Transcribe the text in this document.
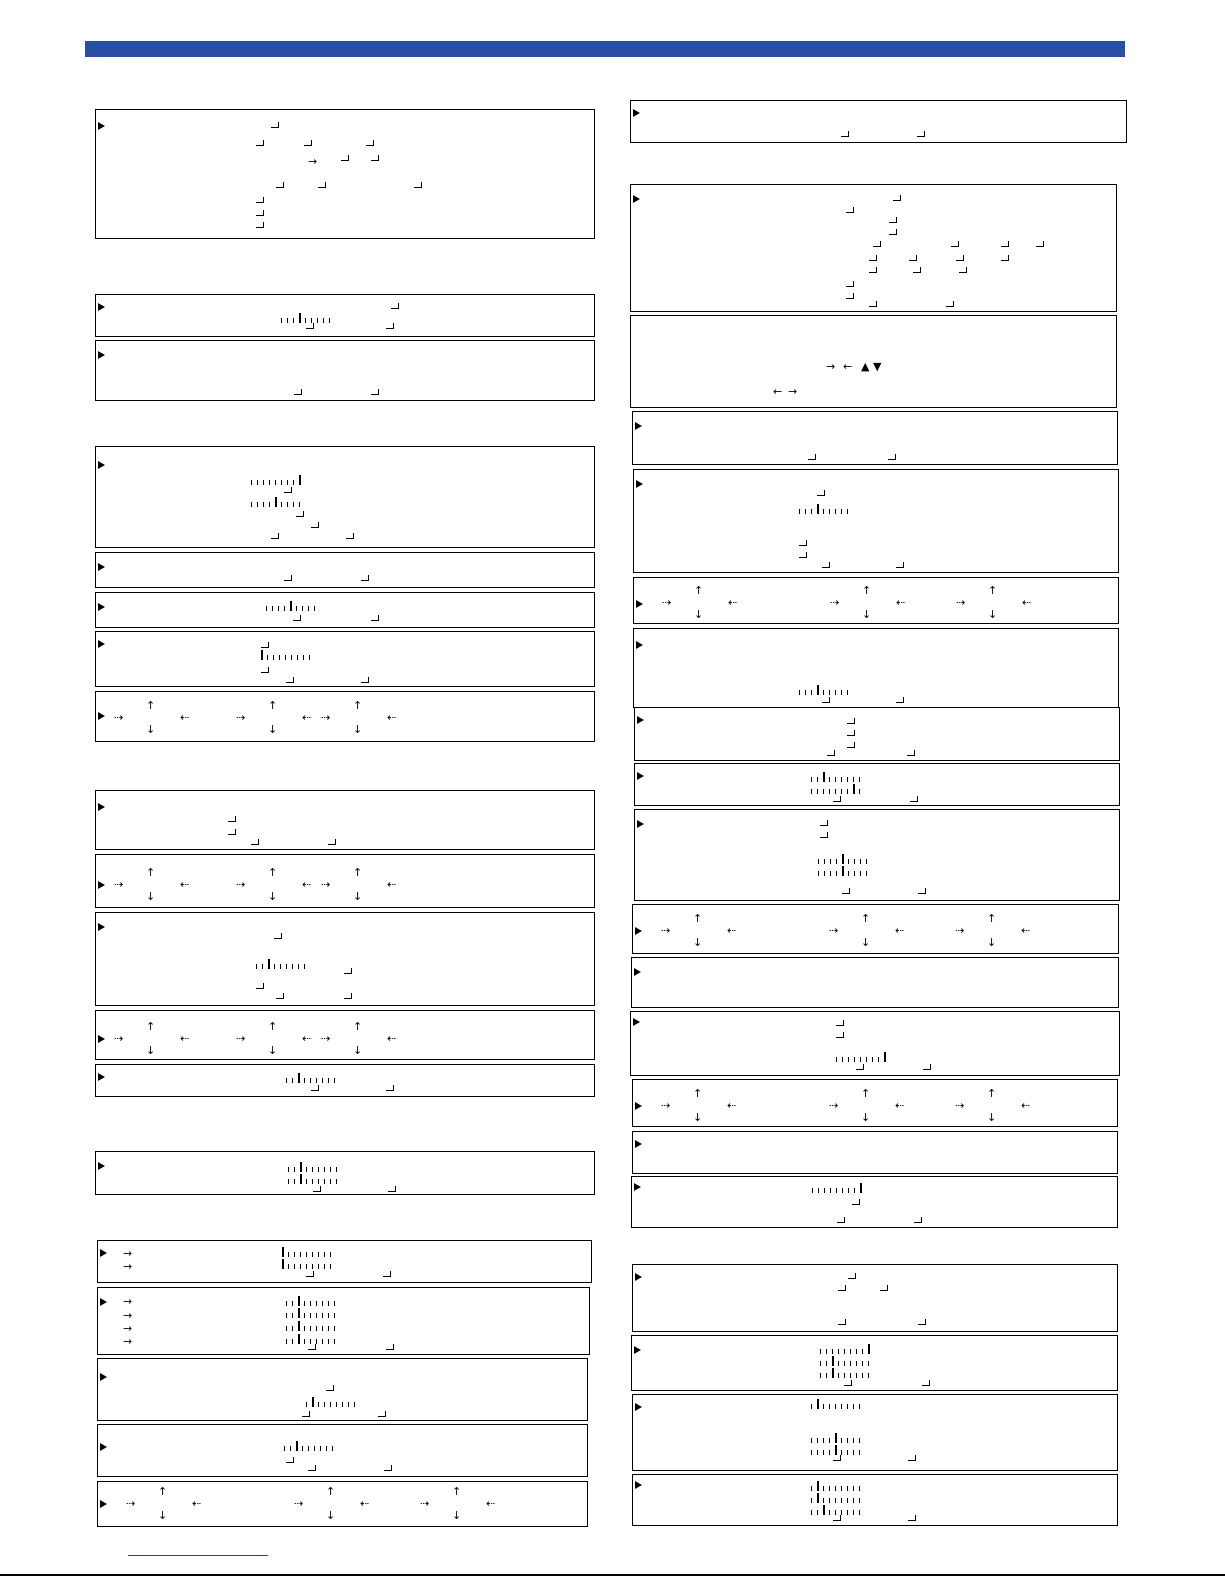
→
⇢
↑
↓
⇠	⇢
↑
↓
⇠ ⇢
↑
↓
⇠
⇢
↑
↓
⇠	⇢
↑
↓
⇠ ⇢
↑
↓
⇠
⇢
↑
↓
⇠	⇢
↑
↓
⇠ ⇢
↑
↓
⇠
→
→
→
→
→
→
⇢
↑
↓
⇠	⇢
↑
↓
⇠	⇢
↑
↓
⇠
→ ← ▲ ▼
← →
⇢
↑
↓
⇠	⇢
↑
↓
⇠	⇢
↑
↓
⇠
⇢
↑
↓
⇠	⇢
↑
↓
⇠	⇢
↑
↓
⇠
⇢
↑
↓
⇠	⇢
↑
↓
⇠	⇢
↑
↓
⇠
